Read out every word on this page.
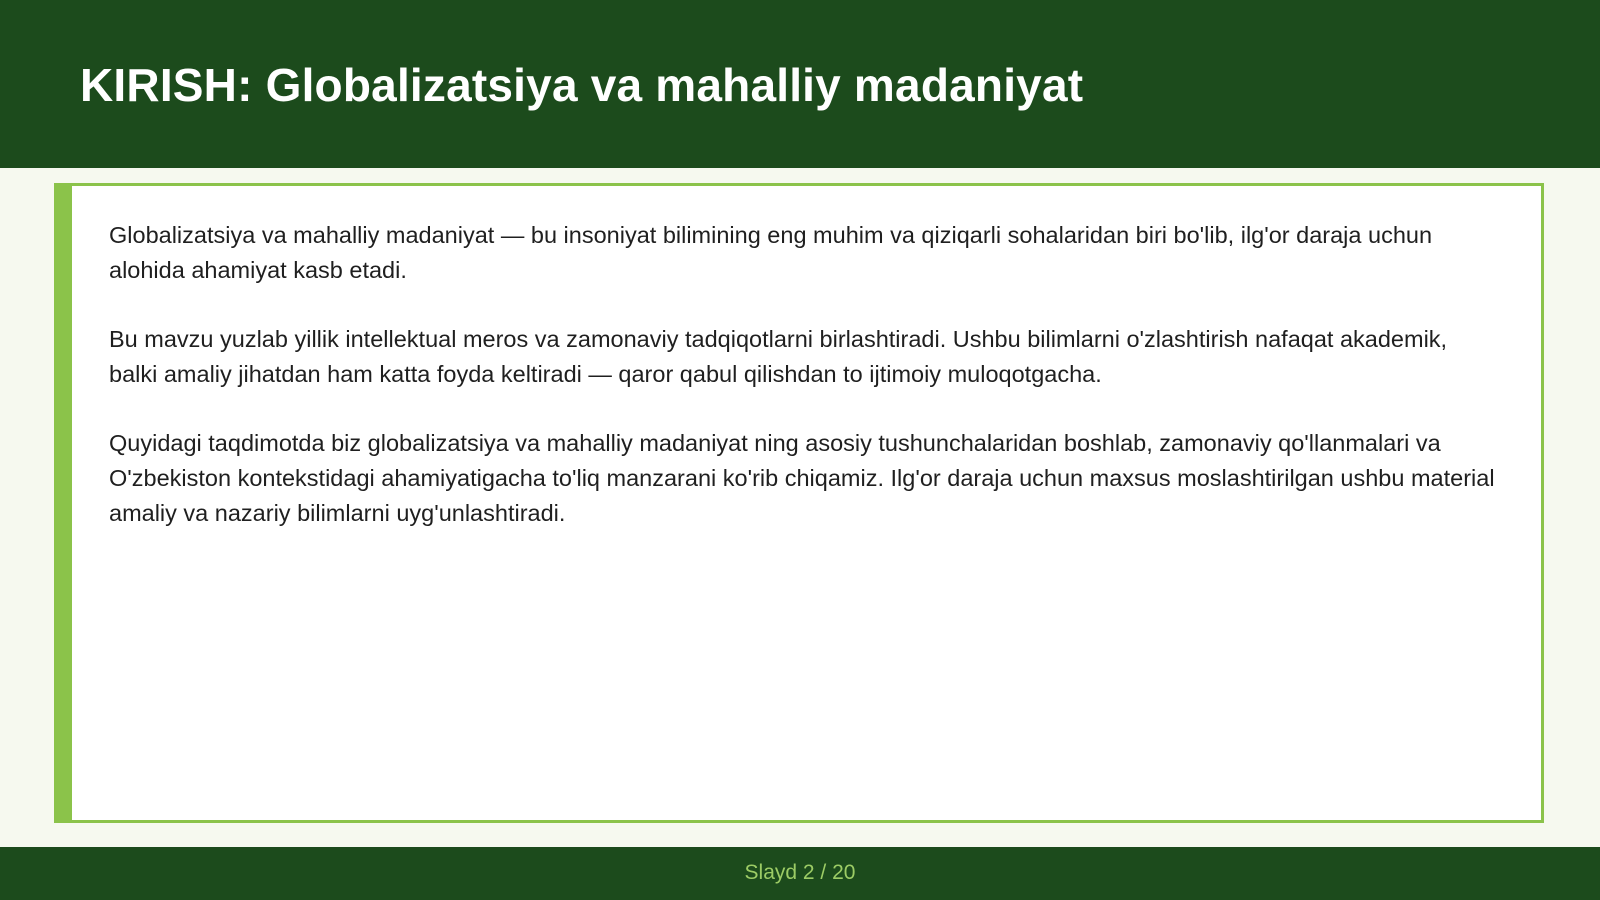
KIRISH: Globalizatsiya va mahalliy madaniyat

Globalizatsiya va mahalliy madaniyat — bu insoniyat bilimining eng muhim va qiziqarli sohalaridan biri bo'lib, ilg'or daraja uchun alohida ahamiyat kasb etadi.

Bu mavzu yuzlab yillik intellektual meros va zamonaviy tadqiqotlarni birlashtiradi. Ushbu bilimlarni o'zlashtirish nafaqat akademik, balki amaliy jihatdan ham katta foyda keltiradi — qaror qabul qilishdan to ijtimoiy muloqotgacha.

Quyidagi taqdimotda biz globalizatsiya va mahalliy madaniyat ning asosiy tushunchalaridan boshlab, zamonaviy qo'llanmalari va O'zbekiston kontekstidagi ahamiyatigacha to'liq manzarani ko'rib chiqamiz. Ilg'or daraja uchun maxsus moslashtirilgan ushbu material amaliy va nazariy bilimlarni uyg'unlashtiradi.

Slayd 2 / 20
